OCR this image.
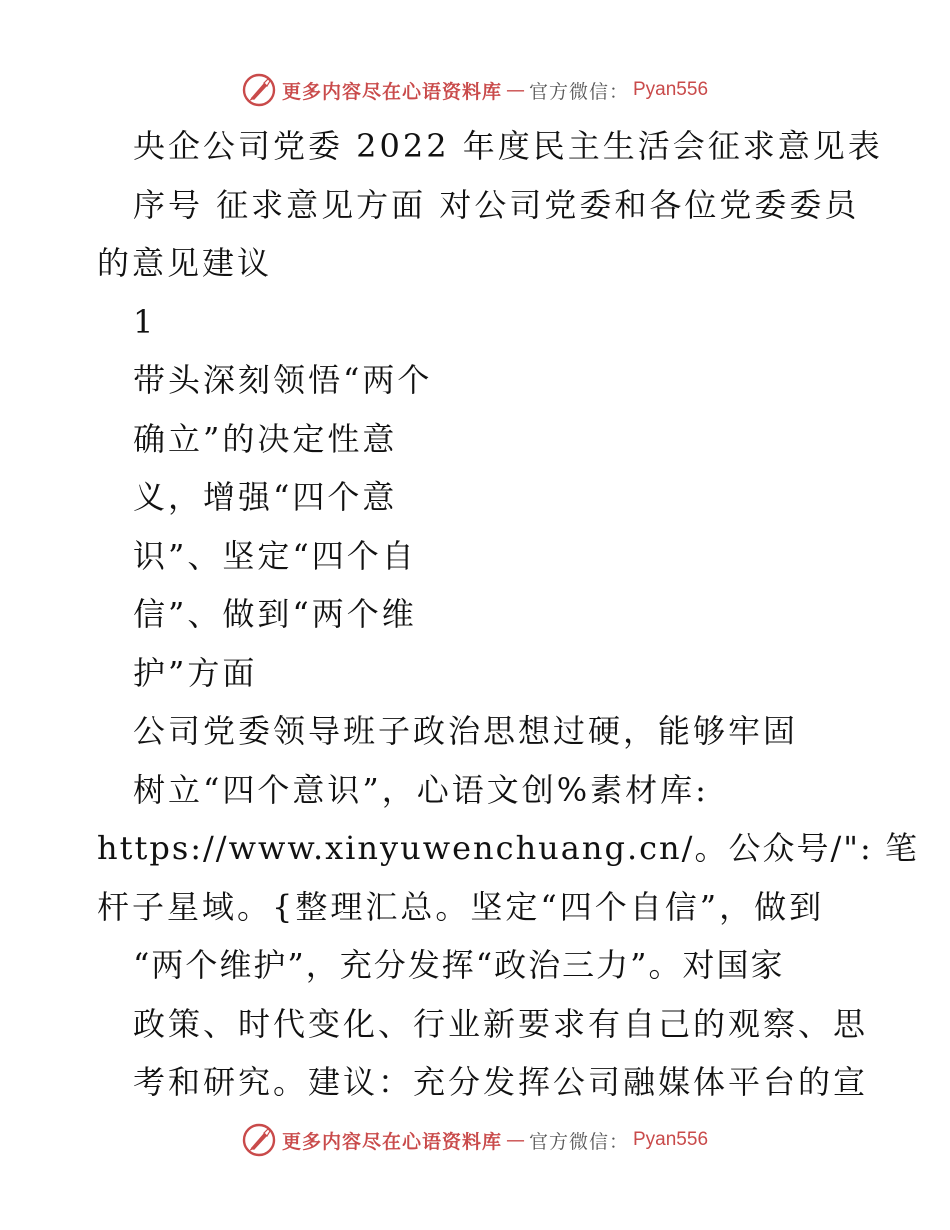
更多内容尽在心语资料库 — 官方微信： Pyan556
央企公司党委 2022 年度民主生活会征求意见表
序号 征求意见方面 对公司党委和各位党委委员
的意见建议
1
带头深刻领悟“两个
确立”的决定性意
义，增强“四个意
识”、坚定“四个自
信”、做到“两个维
护”方面
公司党委领导班子政治思想过硬，能够牢固
树立“四个意识”，心语文创%素材库:
https://www.xinyuwenchuang.cn/。公众号/": 笔
杆子星域。{整理汇总。坚定“四个自信”，做到
“两个维护”，充分发挥“政治三力”。对国家
政策、时代变化、行业新要求有自己的观察、思
考和研究。建议：充分发挥公司融媒体平台的宣
更多内容尽在心语资料库 — 官方微信： Pyan556
